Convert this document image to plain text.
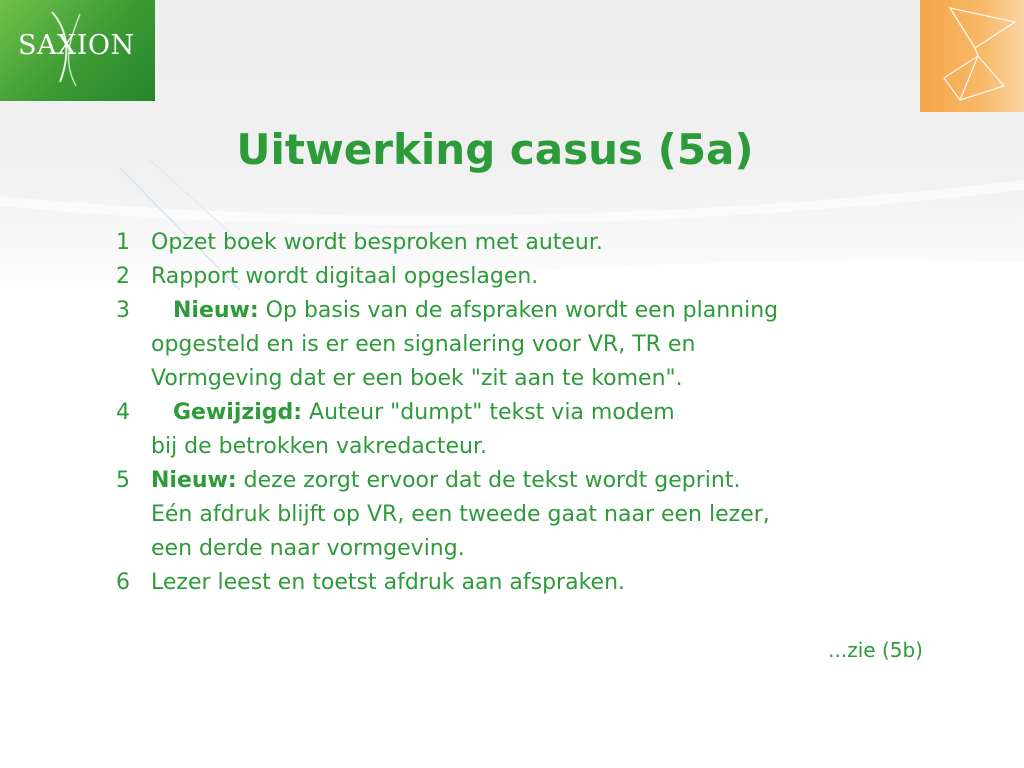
SAXION
Uitwerking casus (5a)
1 Opzet boek wordt besproken met auteur.
2 Rapport wordt digitaal opgeslagen.
3 Nieuw: Op basis van de afspraken wordt een planning
opgesteld en is er een signalering voor VR, TR en
Vormgeving dat er een boek "zit aan te komen".
4 Gewijzigd: Auteur "dumpt" tekst via modem
bij de betrokken vakredacteur.
5 Nieuw: deze zorgt ervoor dat de tekst wordt geprint.
Eén afdruk blijft op VR, een tweede gaat naar een lezer,
een derde naar vormgeving.
6 Lezer leest en toetst afdruk aan afspraken.
...zie (5b)
